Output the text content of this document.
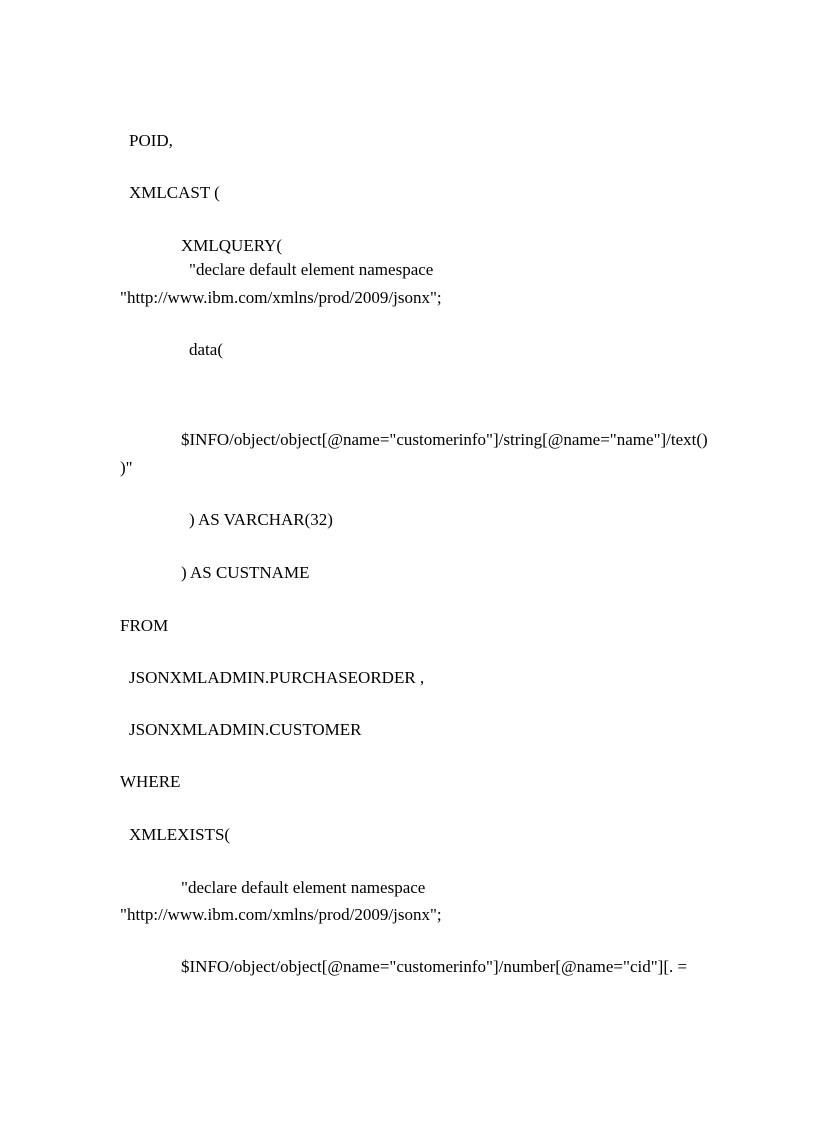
POID,
XMLCAST (
XMLQUERY(
"declare default element namespace
"http://www.ibm.com/xmlns/prod/2009/jsonx";
data(
$INFO/object/object[@name="customerinfo"]/string[@name="name"]/text()
)"
) AS VARCHAR(32)
) AS CUSTNAME
FROM
JSONXMLADMIN.PURCHASEORDER ,
JSONXMLADMIN.CUSTOMER
WHERE
XMLEXISTS(
"declare default element namespace
"http://www.ibm.com/xmlns/prod/2009/jsonx";
$INFO/object/object[@name="customerinfo"]/number[@name="cid"][. =
